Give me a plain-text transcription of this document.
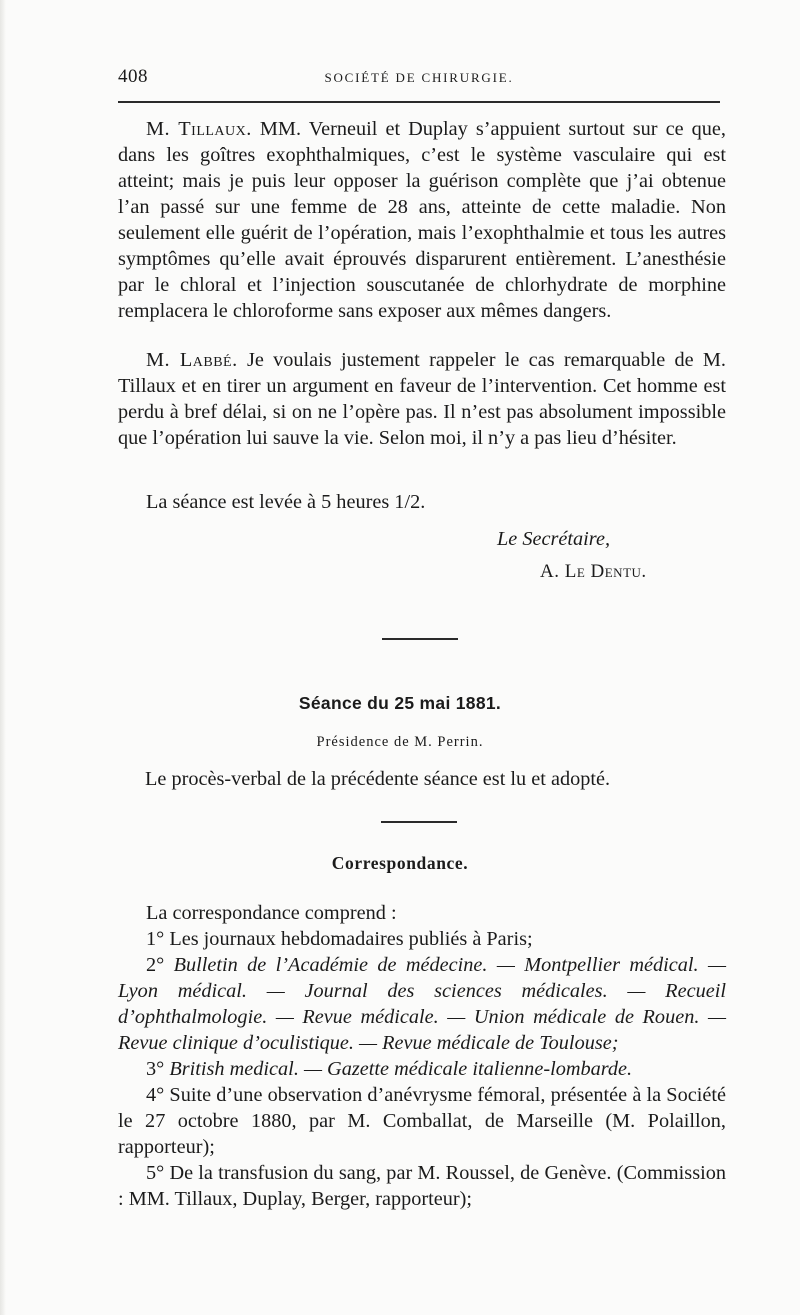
408	SOCIÉTÉ DE CHIRURGIE.

M. Tillaux. MM. Verneuil et Duplay s’appuient surtout sur ce que, dans les goîtres exophthalmiques, c’est le système vasculaire qui est atteint; mais je puis leur opposer la guérison complète que j’ai obtenue l’an passé sur une femme de 28 ans, atteinte de cette maladie. Non seulement elle guérit de l’opération, mais l’exophthalmie et tous les autres symptômes qu’elle avait éprouvés disparurent entièrement. L’anesthésie par le chloral et l’injection souscutanée de chlorhydrate de morphine remplacera le chloroforme sans exposer aux mêmes dangers.

M. Labbé. Je voulais justement rappeler le cas remarquable de M. Tillaux et en tirer un argument en faveur de l’intervention. Cet homme est perdu à bref délai, si on ne l’opère pas. Il n’est pas absolument impossible que l’opération lui sauve la vie. Selon moi, il n’y a pas lieu d’hésiter.

La séance est levée à 5 heures 1/2.

Le Secrétaire,
A. Le Dentu.
Séance du 25 mai 1881.
Présidence de M. Perrin.
Le procès-verbal de la précédente séance est lu et adopté.
Correspondance.

La correspondance comprend :

1° Les journaux hebdomadaires publiés à Paris;

2° Bulletin de l’Académie de médecine. — Montpellier médical. — Lyon médical. — Journal des sciences médicales. — Recueil d’ophthalmologie. — Revue médicale. — Union médicale de Rouen. — Revue clinique d’oculistique. — Revue médicale de Toulouse;

3° British medical. — Gazette médicale italienne-lombarde.

4° Suite d’une observation d’anévrysme fémoral, présentée à la Société le 27 octobre 1880, par M. Comballat, de Marseille (M. Polaillon, rapporteur);

5° De la transfusion du sang, par M. Roussel, de Genève. (Commission : MM. Tillaux, Duplay, Berger, rapporteur);
